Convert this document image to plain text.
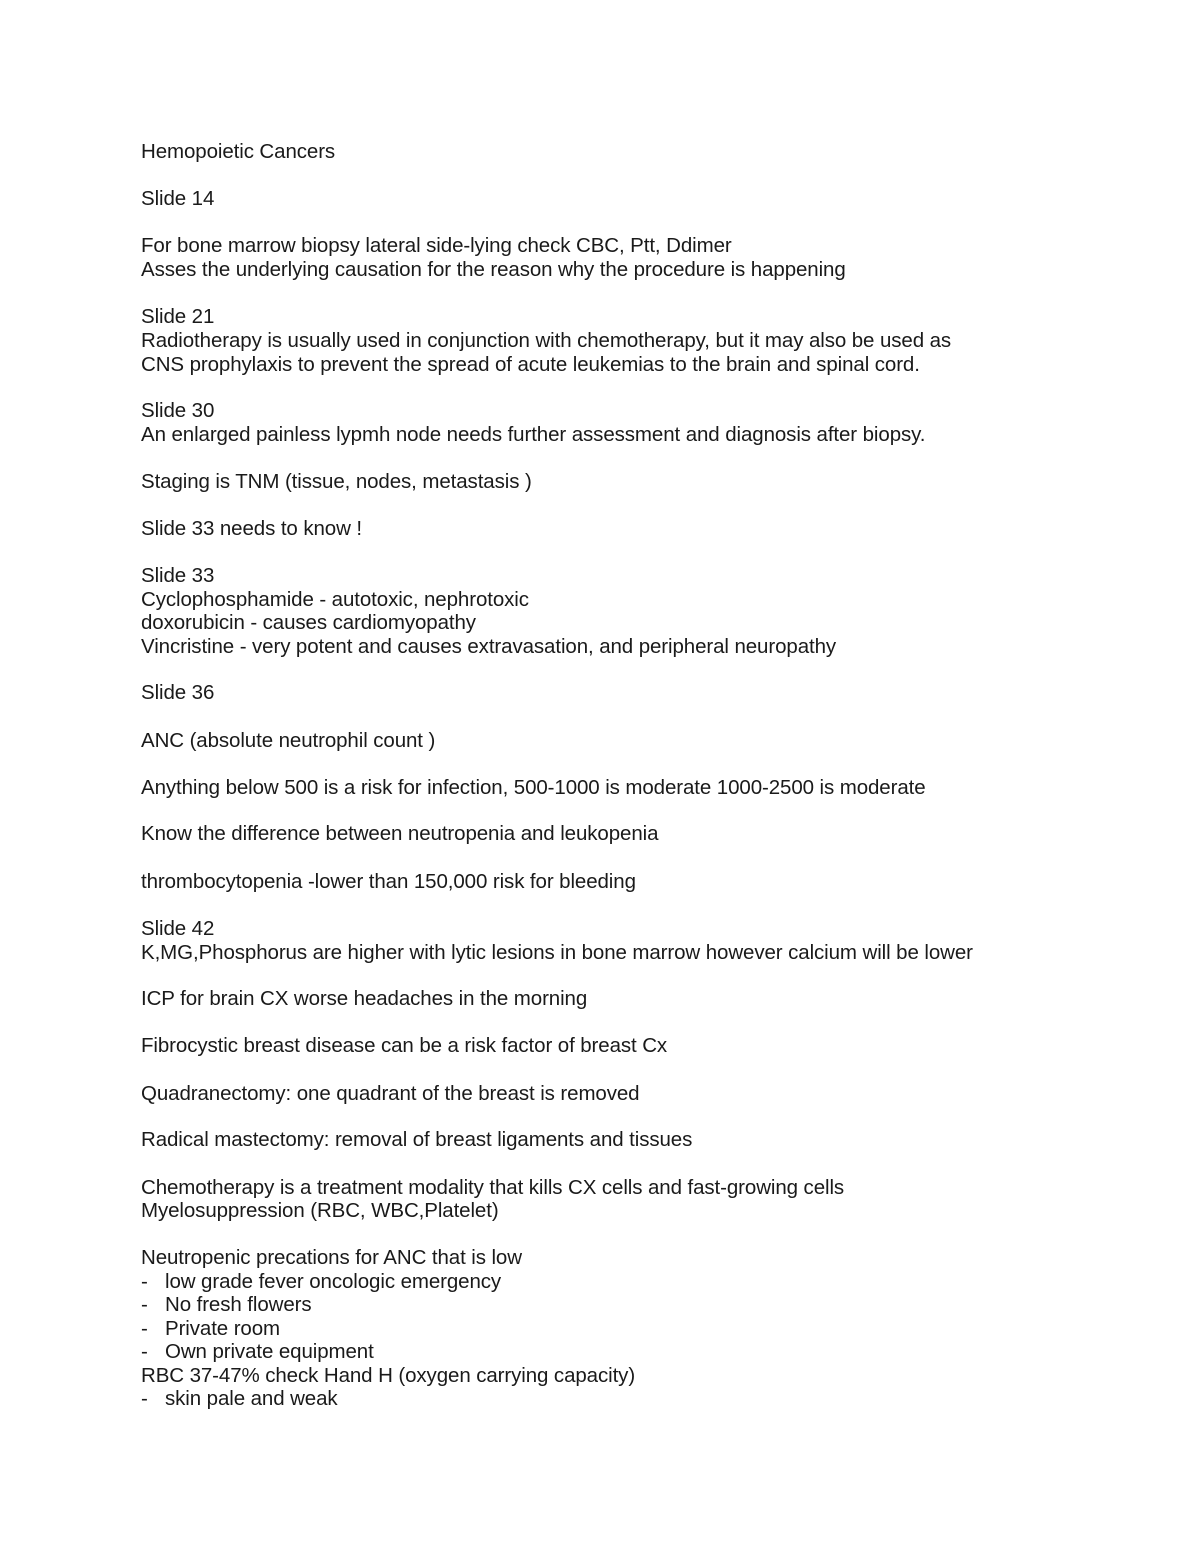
Hemopoietic Cancers
Slide 14
For bone marrow biopsy lateral side-lying check CBC, Ptt, Ddimer
Asses the underlying causation for the reason why the procedure is happening
Slide 21
Radiotherapy is usually used in conjunction with chemotherapy, but it may also be used as
CNS prophylaxis to prevent the spread of acute leukemias to the brain and spinal cord.
Slide 30
An enlarged painless lypmh node needs further assessment and diagnosis after biopsy.
Staging is TNM (tissue, nodes, metastasis )
Slide 33 needs to know !
Slide 33
Cyclophosphamide - autotoxic, nephrotoxic
doxorubicin - causes cardiomyopathy
Vincristine - very potent and causes extravasation, and peripheral neuropathy
Slide 36
ANC (absolute neutrophil count )
Anything below 500 is a risk for infection, 500-1000 is moderate 1000-2500 is moderate
Know the difference between neutropenia and leukopenia
thrombocytopenia -lower than 150,000 risk for bleeding
Slide 42
K,MG,Phosphorus are higher with lytic lesions in bone marrow however calcium will be lower
ICP for brain CX worse headaches in the morning
Fibrocystic breast disease can be a risk factor of breast Cx
Quadranectomy: one quadrant of the breast is removed
Radical mastectomy: removal of breast ligaments and tissues
Chemotherapy is a treatment modality that kills CX cells and fast-growing cells
Myelosuppression (RBC, WBC,Platelet)
Neutropenic precations for ANC that is low
- low grade fever oncologic emergency
- No fresh flowers
- Private room
- Own private equipment
RBC 37-47% check Hand H (oxygen carrying capacity)
- skin pale and weak
